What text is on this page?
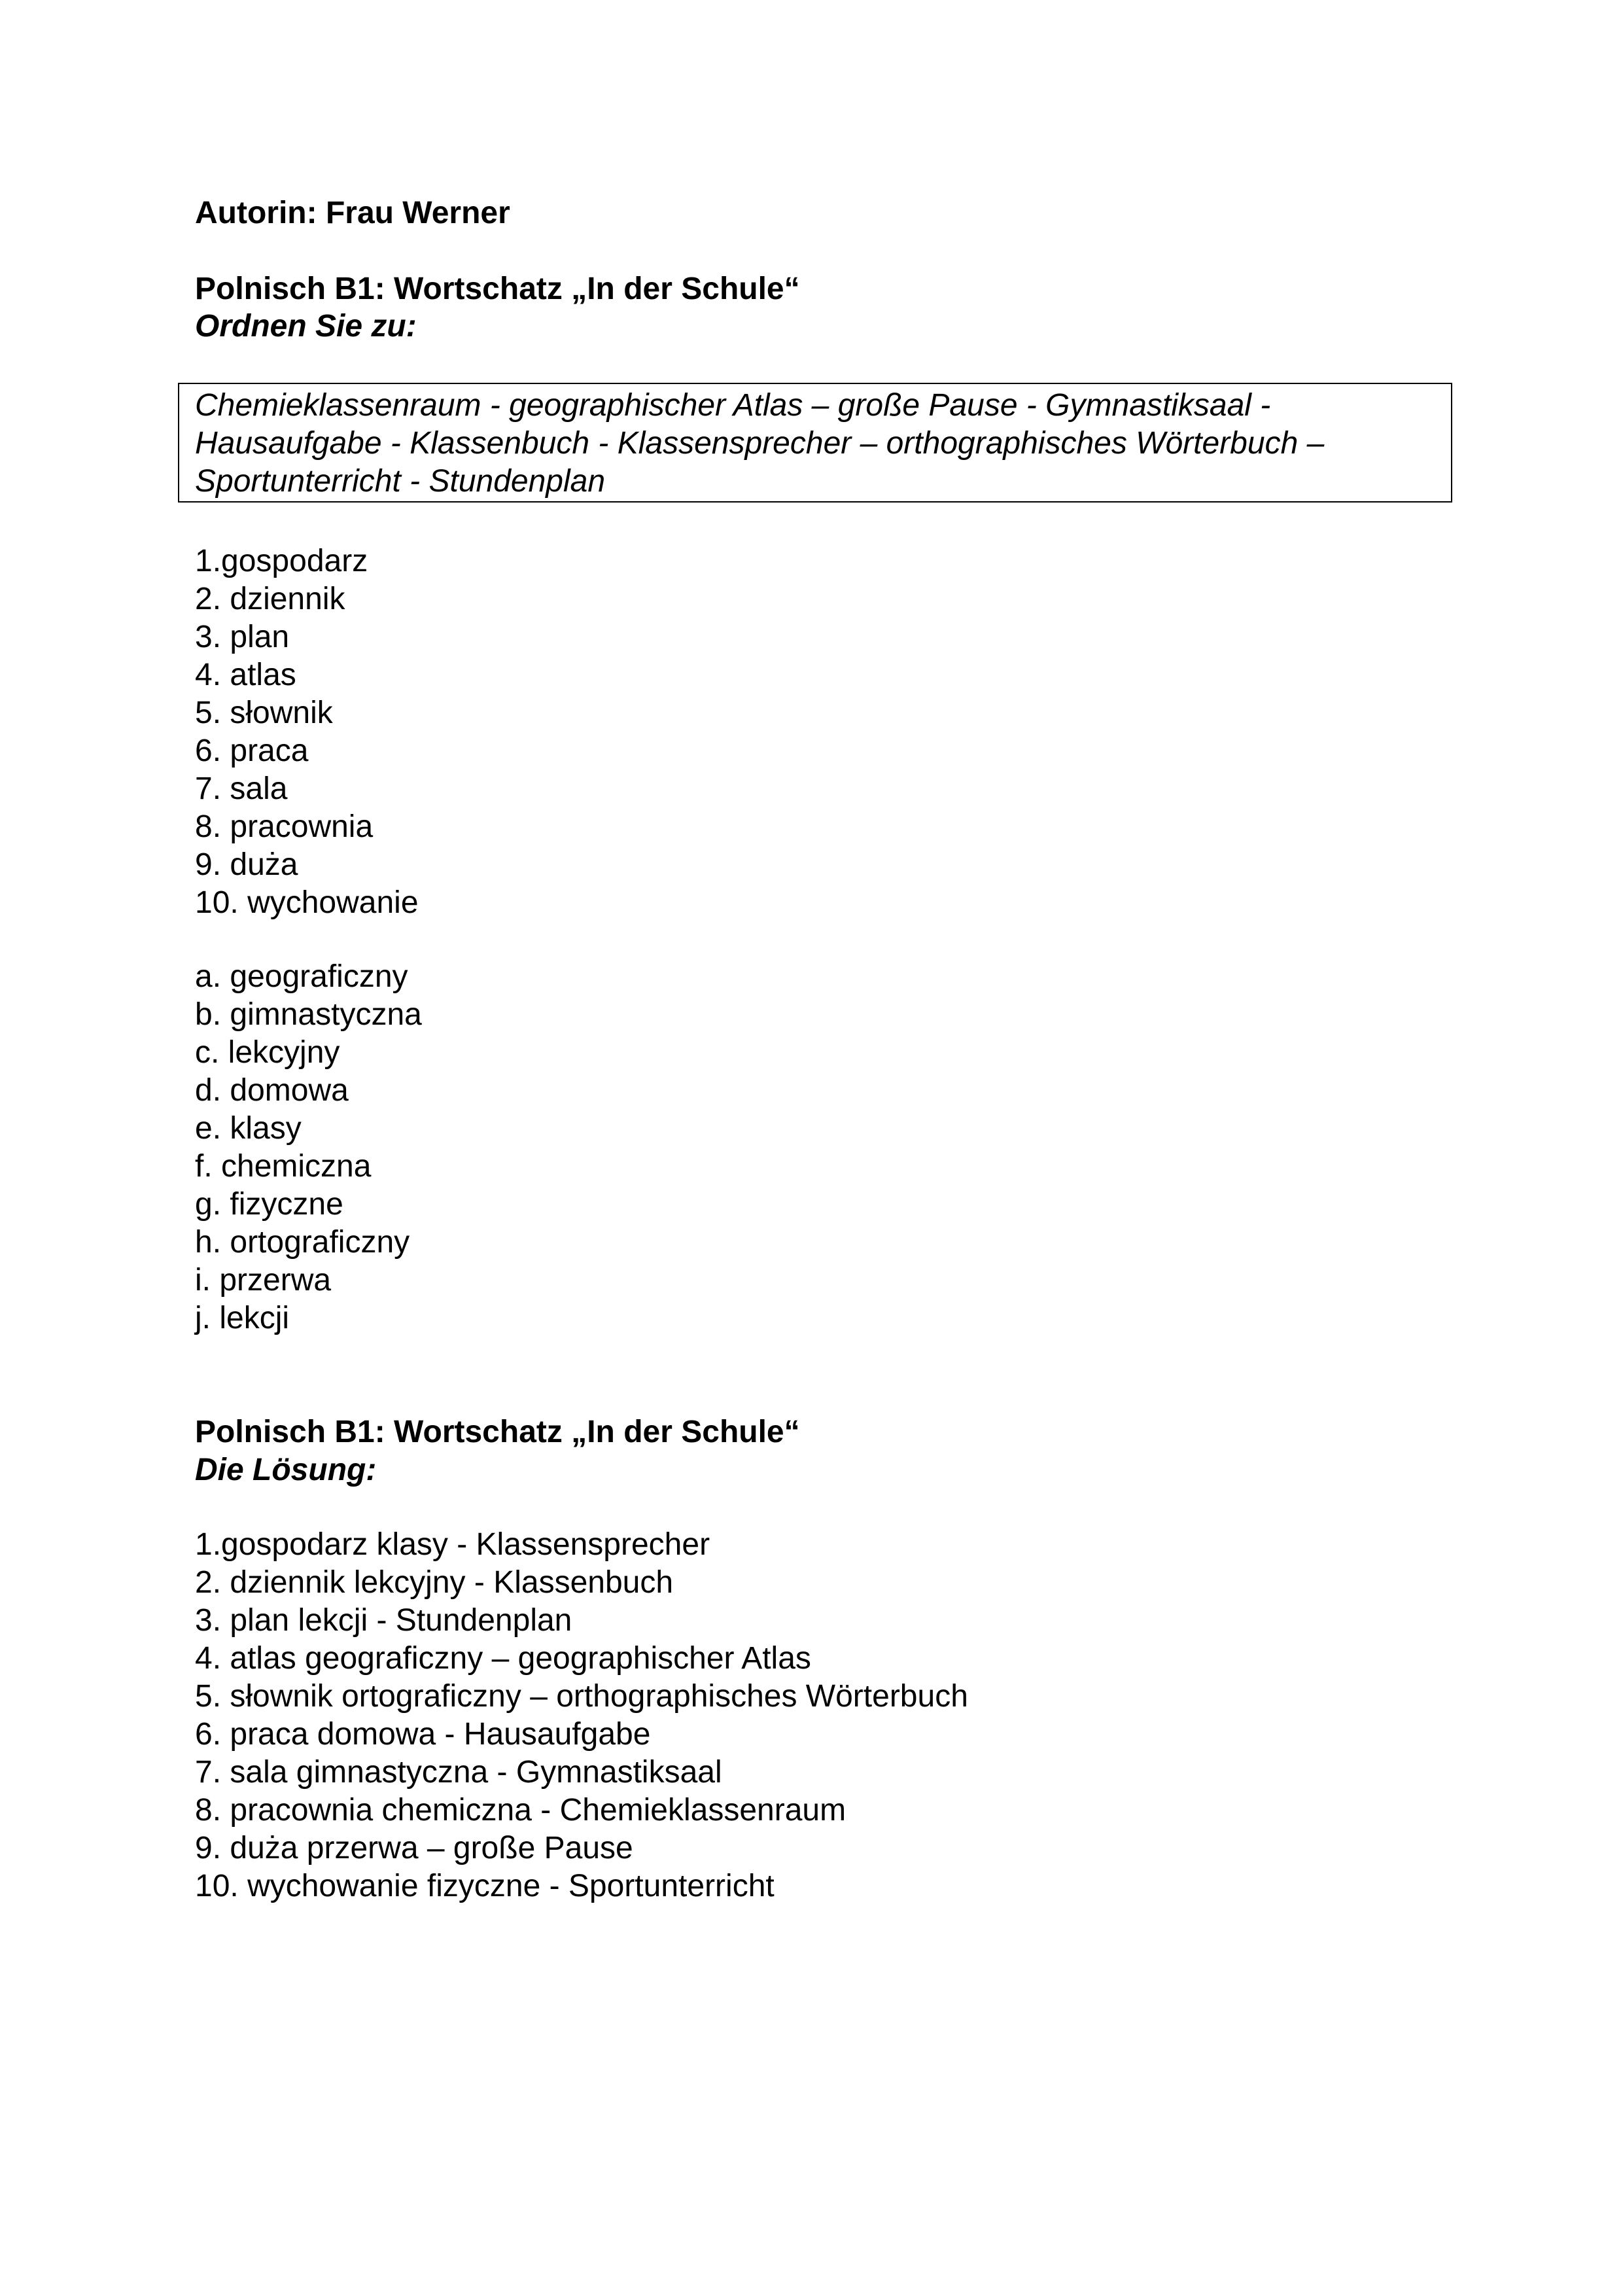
Autorin: Frau Werner
Polnisch B1: Wortschatz „In der Schule“
Ordnen Sie zu:
Chemieklassenraum - geographischer Atlas – große Pause - Gymnastiksaal -
Hausaufgabe - Klassenbuch - Klassensprecher – orthographisches Wörterbuch –
Sportunterricht - Stundenplan
1.gospodarz
2. dziennik
3. plan
4. atlas
5. słownik
6. praca
7. sala
8. pracownia
9. duża
10. wychowanie
a. geograficzny
b. gimnastyczna
c. lekcyjny
d. domowa
e. klasy
f. chemiczna
g. fizyczne
h. ortograficzny
i. przerwa
j. lekcji
Polnisch B1: Wortschatz „In der Schule“
Die Lösung:
1.gospodarz klasy - Klassensprecher
2. dziennik lekcyjny - Klassenbuch
3. plan lekcji - Stundenplan
4. atlas geograficzny – geographischer Atlas
5. słownik ortograficzny – orthographisches Wörterbuch
6. praca domowa - Hausaufgabe
7. sala gimnastyczna - Gymnastiksaal
8. pracownia chemiczna - Chemieklassenraum
9. duża przerwa – große Pause
10. wychowanie fizyczne - Sportunterricht
